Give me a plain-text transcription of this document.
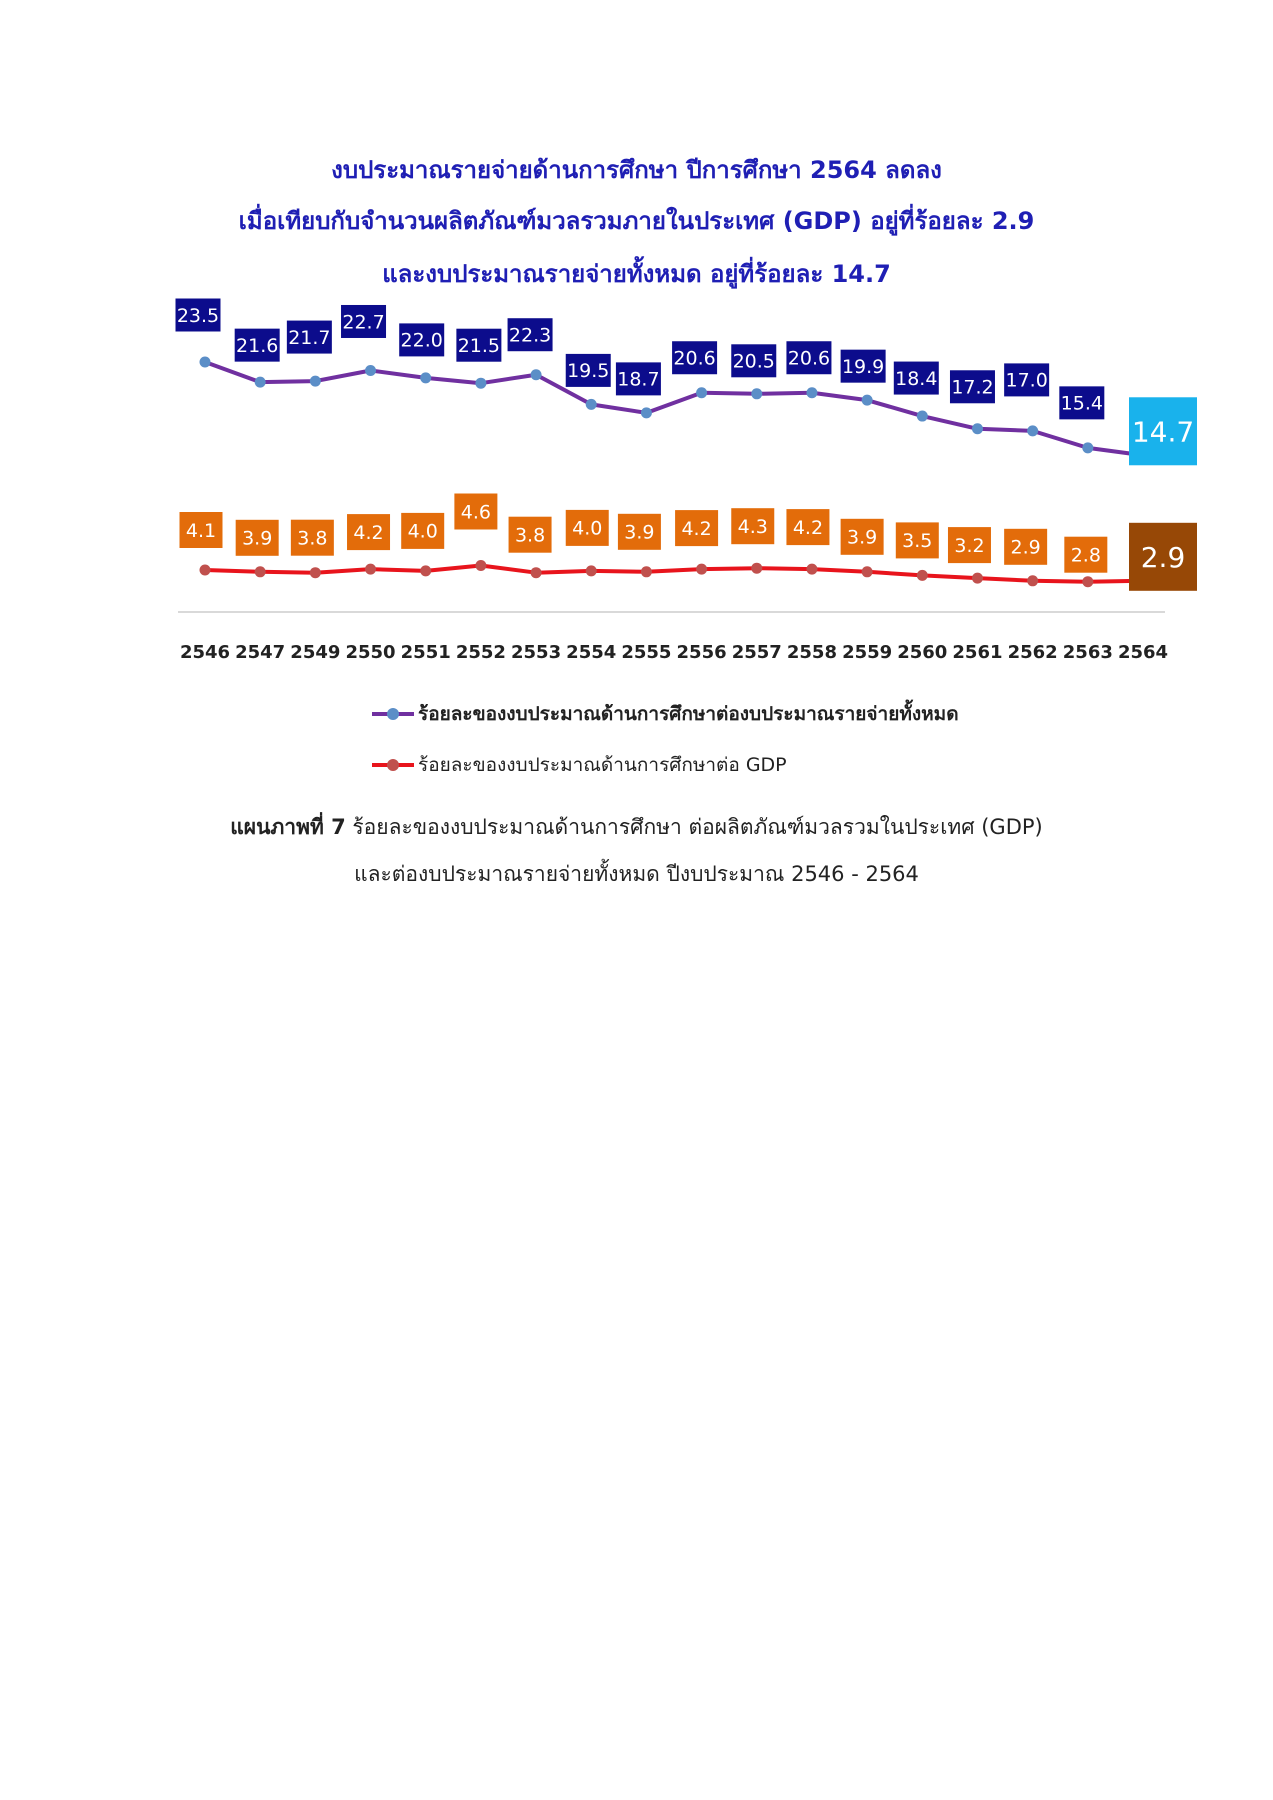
งบประมาณรายจ่ายด้านการศึกษา ปีการศึกษา 2564 ลดลง
เมื่อเทียบกับจำนวนผลิตภัณฑ์มวลรวมภายในประเทศ (GDP) อยู่ที่ร้อยละ 2.9
และงบประมาณรายจ่ายทั้งหมด อยู่ที่ร้อยละ 14.7
23.5
21.6 21.7
22.7
22.0 21.5 22.3
19.5 18.7
20.6 20.5 20.6 19.9
18.4 17.2 17.0
15.4
14.7
4.1 3.9 3.8 4.2 4.0
4.6
3.8 4.0 3.9 4.2 4.3 4.2 3.9 3.5 3.2 2.9 2.8 2.9
2546 2547 2549 2550 2551 2552 2553 2554 2555 2556 2557 2558 2559 2560 2561 2562 2563 2564
ร้อยละของงบประมาณด้านการศึกษาต่องบประมาณรายจ่ายทั้งหมด
ร้อยละของงบประมาณด้านการศึกษาต่อ GDP
แผนภาพที่ 7 ร้อยละของงบประมาณด้านการศึกษา ต่อผลิตภัณฑ์มวลรวมในประเทศ (GDP)
และต่องบประมาณรายจ่ายทั้งหมด ปีงบประมาณ 2546 - 2564
